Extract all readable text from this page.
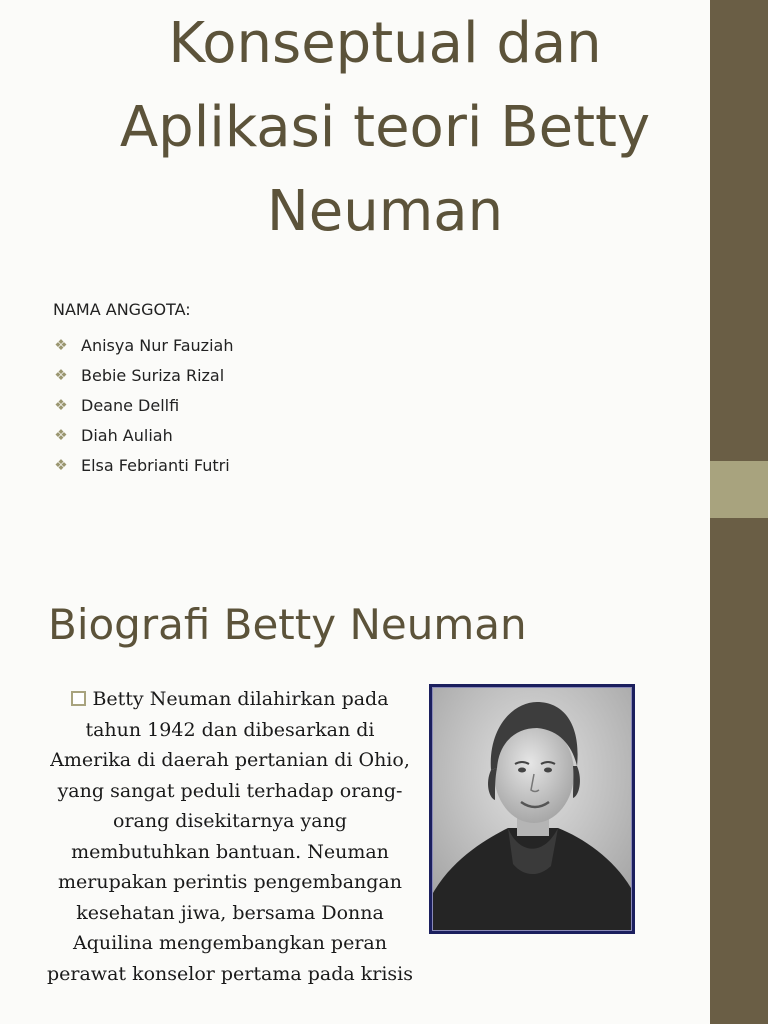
Konseptual dan Aplikasi teori Betty Neuman
NAMA ANGGOTA:
❖ Anisya Nur Fauziah
❖ Bebie Suriza Rizal
❖ Deane Dellfi
❖ Diah Auliah
❖ Elsa Febrianti Futri
Biografi Betty Neuman

Betty Neuman dilahirkan pada tahun 1942 dan dibesarkan di Amerika di daerah pertanian di Ohio, yang sangat peduli terhadap orang-orang disekitarnya yang membutuhkan bantuan. Neuman merupakan perintis pengembangan kesehatan jiwa, bersama Donna Aquilina mengembangkan peran perawat konselor pertama pada krisis
